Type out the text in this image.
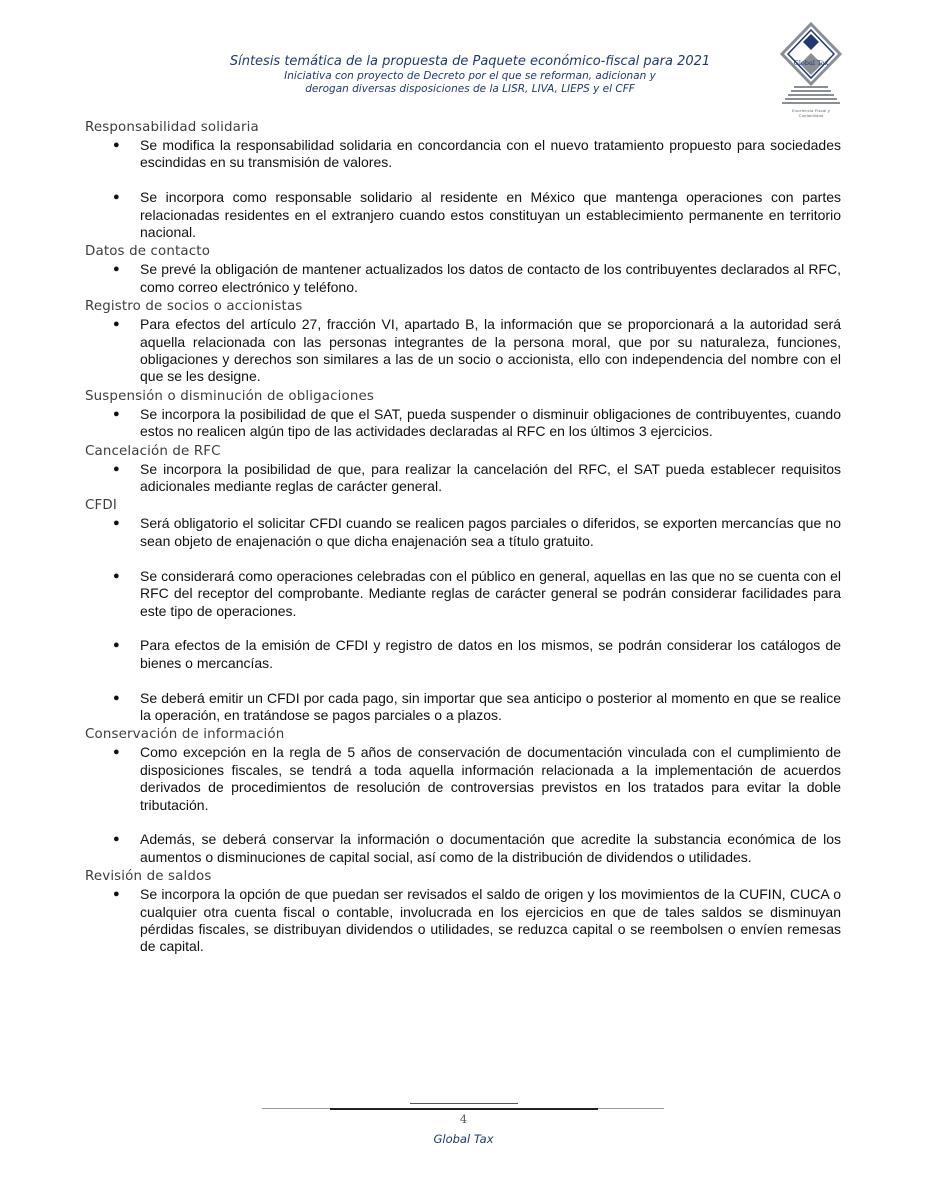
Síntesis temática de la propuesta de Paquete económico-fiscal para 2021
Iniciativa con proyecto de Decreto por el que se reforman, adicionan y
derogan diversas disposiciones de la LISR, LIVA, LIEPS y el CFF
Global Tax
Excelencia Fiscal y Contabilidad
Responsabilidad solidaria
● Se modifica la responsabilidad solidaria en concordancia con el nuevo tratamiento propuesto para sociedades escindidas en su transmisión de valores.
● Se incorpora como responsable solidario al residente en México que mantenga operaciones con partes relacionadas residentes en el extranjero cuando estos constituyan un establecimiento permanente en territorio nacional.
Datos de contacto
● Se prevé la obligación de mantener actualizados los datos de contacto de los contribuyentes declarados al RFC, como correo electrónico y teléfono.
Registro de socios o accionistas
● Para efectos del artículo 27, fracción VI, apartado B, la información que se proporcionará a la autoridad será aquella relacionada con las personas integrantes de la persona moral, que por su naturaleza, funciones, obligaciones y derechos son similares a las de un socio o accionista, ello con independencia del nombre con el que se les designe.
Suspensión o disminución de obligaciones
● Se incorpora la posibilidad de que el SAT, pueda suspender o disminuir obligaciones de contribuyentes, cuando estos no realicen algún tipo de las actividades declaradas al RFC en los últimos 3 ejercicios.
Cancelación de RFC
● Se incorpora la posibilidad de que, para realizar la cancelación del RFC, el SAT pueda establecer requisitos adicionales mediante reglas de carácter general.
CFDI
● Será obligatorio el solicitar CFDI cuando se realicen pagos parciales o diferidos, se exporten mercancías que no sean objeto de enajenación o que dicha enajenación sea a título gratuito.
● Se considerará como operaciones celebradas con el público en general, aquellas en las que no se cuenta con el RFC del receptor del comprobante. Mediante reglas de carácter general se podrán considerar facilidades para este tipo de operaciones.
● Para efectos de la emisión de CFDI y registro de datos en los mismos, se podrán considerar los catálogos de bienes o mercancías.
● Se deberá emitir un CFDI por cada pago, sin importar que sea anticipo o posterior al momento en que se realice la operación, en tratándose se pagos parciales o a plazos.
Conservación de información
● Como excepción en la regla de 5 años de conservación de documentación vinculada con el cumplimiento de disposiciones fiscales, se tendrá a toda aquella información relacionada a la implementación de acuerdos derivados de procedimientos de resolución de controversias previstos en los tratados para evitar la doble tributación.
● Además, se deberá conservar la información o documentación que acredite la substancia económica de los aumentos o disminuciones de capital social, así como de la distribución de dividendos o utilidades.
Revisión de saldos
● Se incorpora la opción de que puedan ser revisados el saldo de origen y los movimientos de la CUFIN, CUCA o cualquier otra cuenta fiscal o contable, involucrada en los ejercicios en que de tales saldos se disminuyan pérdidas fiscales, se distribuyan dividendos o utilidades, se reduzca capital o se reembolsen o envíen remesas de capital.
4
Global Tax
